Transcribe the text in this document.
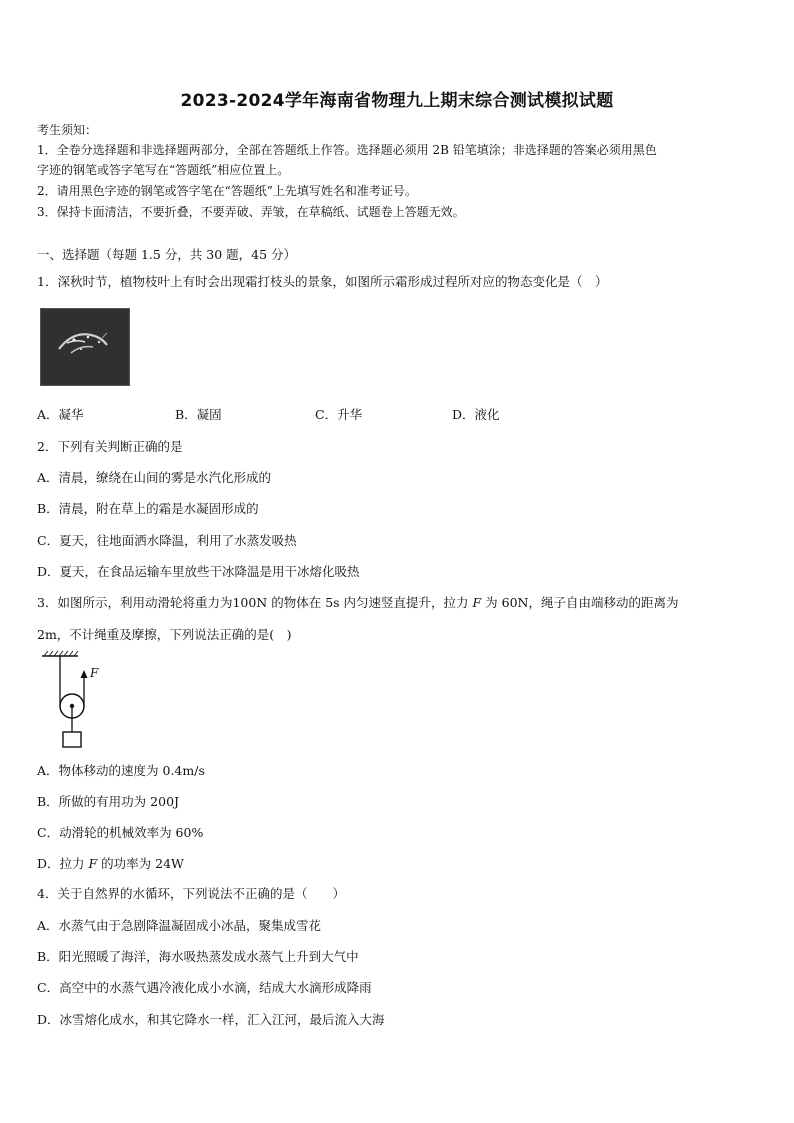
2023-2024学年海南省物理九上期末综合测试模拟试题
考生须知：
1．全卷分选择题和非选择题两部分，全部在答题纸上作答。选择题必须用 2B 铅笔填涂；非选择题的答案必须用黑色
字迹的钢笔或答字笔写在“答题纸”相应位置上。
2．请用黑色字迹的钢笔或答字笔在“答题纸”上先填写姓名和准考证号。
3．保持卡面清洁，不要折叠，不要弄破、弄皱，在草稿纸、试题卷上答题无效。
一、选择题（每题 1.5 分，共 30 题，45 分）
1．深秋时节，植物枝叶上有时会出现霜打枝头的景象，如图所示霜形成过程所对应的物态变化是（　）
A．凝华	B．凝固	C．升华	D．液化
2．下列有关判断正确的是
A．清晨，缭绕在山间的雾是水汽化形成的
B．清晨，附在草上的霜是水凝固形成的
C．夏天，往地面洒水降温，利用了水蒸发吸热
D．夏天，在食品运输车里放些干冰降温是用干冰熔化吸热
3．如图所示，利用动滑轮将重力为100N 的物体在 5s 内匀速竖直提升，拉力 F 为 60N，绳子自由端移动的距离为
2m，不计绳重及摩擦，下列说法正确的是(　)
F
A．物体移动的速度为 0.4m/s
B．所做的有用功为 200J
C．动滑轮的机械效率为 60%
D．拉力 F 的功率为 24W
4．关于自然界的水循环，下列说法不正确的是（　　）
A．水蒸气由于急剧降温凝固成小冰晶，聚集成雪花
B．阳光照暖了海洋，海水吸热蒸发成水蒸气上升到大气中
C．高空中的水蒸气遇冷液化成小水滴，结成大水滴形成降雨
D．冰雪熔化成水，和其它降水一样，汇入江河，最后流入大海
